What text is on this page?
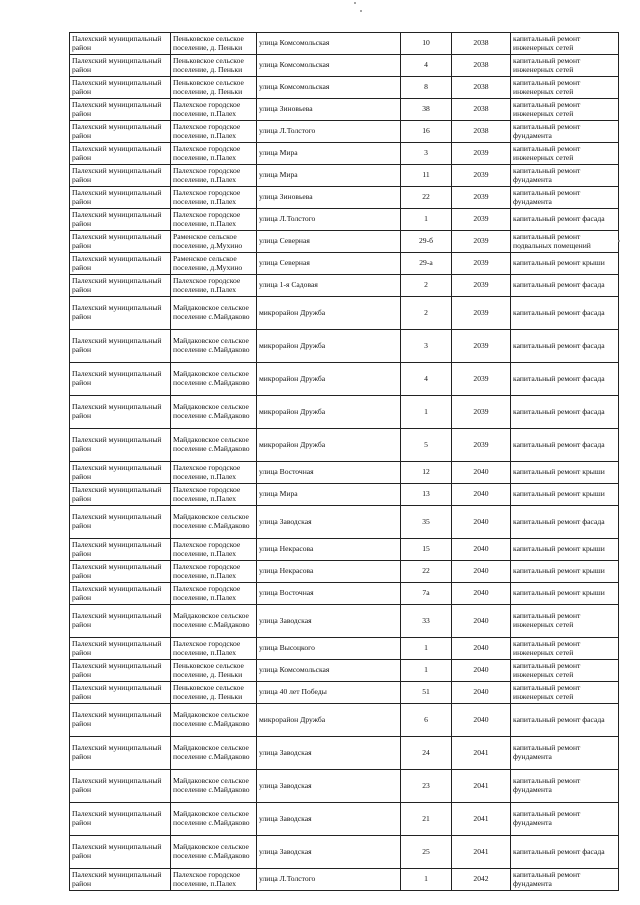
Палехский муниципальный район	Пеньковское сельское поселение, д. Пеньки	улица Комсомольская	10	2038	капитальный ремонт инженерных сетей
Палехский муниципальный район	Пеньковское сельское поселение, д. Пеньки	улица Комсомольская	4	2038	капитальный ремонт инженерных сетей
Палехский муниципальный район	Пеньковское сельское поселение, д. Пеньки	улица Комсомольская	8	2038	капитальный ремонт инженерных сетей
Палехский муниципальный район	Палехское городское поселение, п.Палех	улица Зиновьева	38	2038	капитальный ремонт инженерных сетей
Палехский муниципальный район	Палехское городское поселение, п.Палех	улица Л.Толстого	16	2038	капитальный ремонт фундамента
Палехский муниципальный район	Палехское городское поселение, п.Палех	улица Мира	3	2039	капитальный ремонт инженерных сетей
Палехский муниципальный район	Палехское городское поселение, п.Палех	улица Мира	11	2039	капитальный ремонт фундамента
Палехский муниципальный район	Палехское городское поселение, п.Палех	улица Зиновьева	22	2039	капитальный ремонт фундамента
Палехский муниципальный район	Палехское городское поселение, п.Палех	улица Л.Толстого	1	2039	капитальный ремонт фасада
Палехский муниципальный район	Раменское сельское поселение, д.Мухино	улица Северная	29-б	2039	капитальный ремонт подвальных помещений
Палехский муниципальный район	Раменское сельское поселение, д.Мухино	улица Северная	29-а	2039	капитальный ремонт крыши
Палехский муниципальный район	Палехское городское поселение, п.Палех	улица 1-я Садовая	2	2039	капитальный ремонт фасада
Палехский муниципальный район	Майдаковское сельское поселение с.Майдаково	микрорайон Дружба	2	2039	капитальный ремонт фасада
Палехский муниципальный район	Майдаковское сельское поселение с.Майдаково	микрорайон Дружба	3	2039	капитальный ремонт фасада
Палехский муниципальный район	Майдаковское сельское поселение с.Майдаково	микрорайон Дружба	4	2039	капитальный ремонт фасада
Палехский муниципальный район	Майдаковское сельское поселение с.Майдаково	микрорайон Дружба	1	2039	капитальный ремонт фасада
Палехский муниципальный район	Майдаковское сельское поселение с.Майдаково	микрорайон Дружба	5	2039	капитальный ремонт фасада
Палехский муниципальный район	Палехское городское поселение, п.Палех	улица Восточная	12	2040	капитальный ремонт крыши
Палехский муниципальный район	Палехское городское поселение, п.Палех	улица Мира	13	2040	капитальный ремонт крыши
Палехский муниципальный район	Майдаковское сельское поселение с.Майдаково	улица Заводская	35	2040	капитальный ремонт фасада
Палехский муниципальный район	Палехское городское поселение, п.Палех	улица Некрасова	15	2040	капитальный ремонт крыши
Палехский муниципальный район	Палехское городское поселение, п.Палех	улица Некрасова	22	2040	капитальный ремонт крыши
Палехский муниципальный район	Палехское городское поселение, п.Палех	улица Восточная	7а	2040	капитальный ремонт крыши
Палехский муниципальный район	Майдаковское сельское поселение с.Майдаково	улица Заводская	33	2040	капитальный ремонт инженерных сетей
Палехский муниципальный район	Палехское городское поселение, п.Палех	улица Высоцкого	1	2040	капитальный ремонт инженерных сетей
Палехский муниципальный район	Пеньковское сельское поселение, д. Пеньки	улица Комсомольская	1	2040	капитальный ремонт инженерных сетей
Палехский муниципальный район	Пеньковское сельское поселение, д. Пеньки	улица 40 лет Победы	51	2040	капитальный ремонт инженерных сетей
Палехский муниципальный район	Майдаковское сельское поселение с.Майдаково	микрорайон Дружба	6	2040	капитальный ремонт фасада
Палехский муниципальный район	Майдаковское сельское поселение с.Майдаково	улица Заводская	24	2041	капитальный ремонт фундамента
Палехский муниципальный район	Майдаковское сельское поселение с.Майдаково	улица Заводская	23	2041	капитальный ремонт фундамента
Палехский муниципальный район	Майдаковское сельское поселение с.Майдаково	улица Заводская	21	2041	капитальный ремонт фундамента
Палехский муниципальный район	Майдаковское сельское поселение с.Майдаково	улица Заводская	25	2041	капитальный ремонт фасада
Палехский муниципальный район	Палехское городское поселение, п.Палех	улица Л.Толстого	1	2042	капитальный ремонт фундамента
